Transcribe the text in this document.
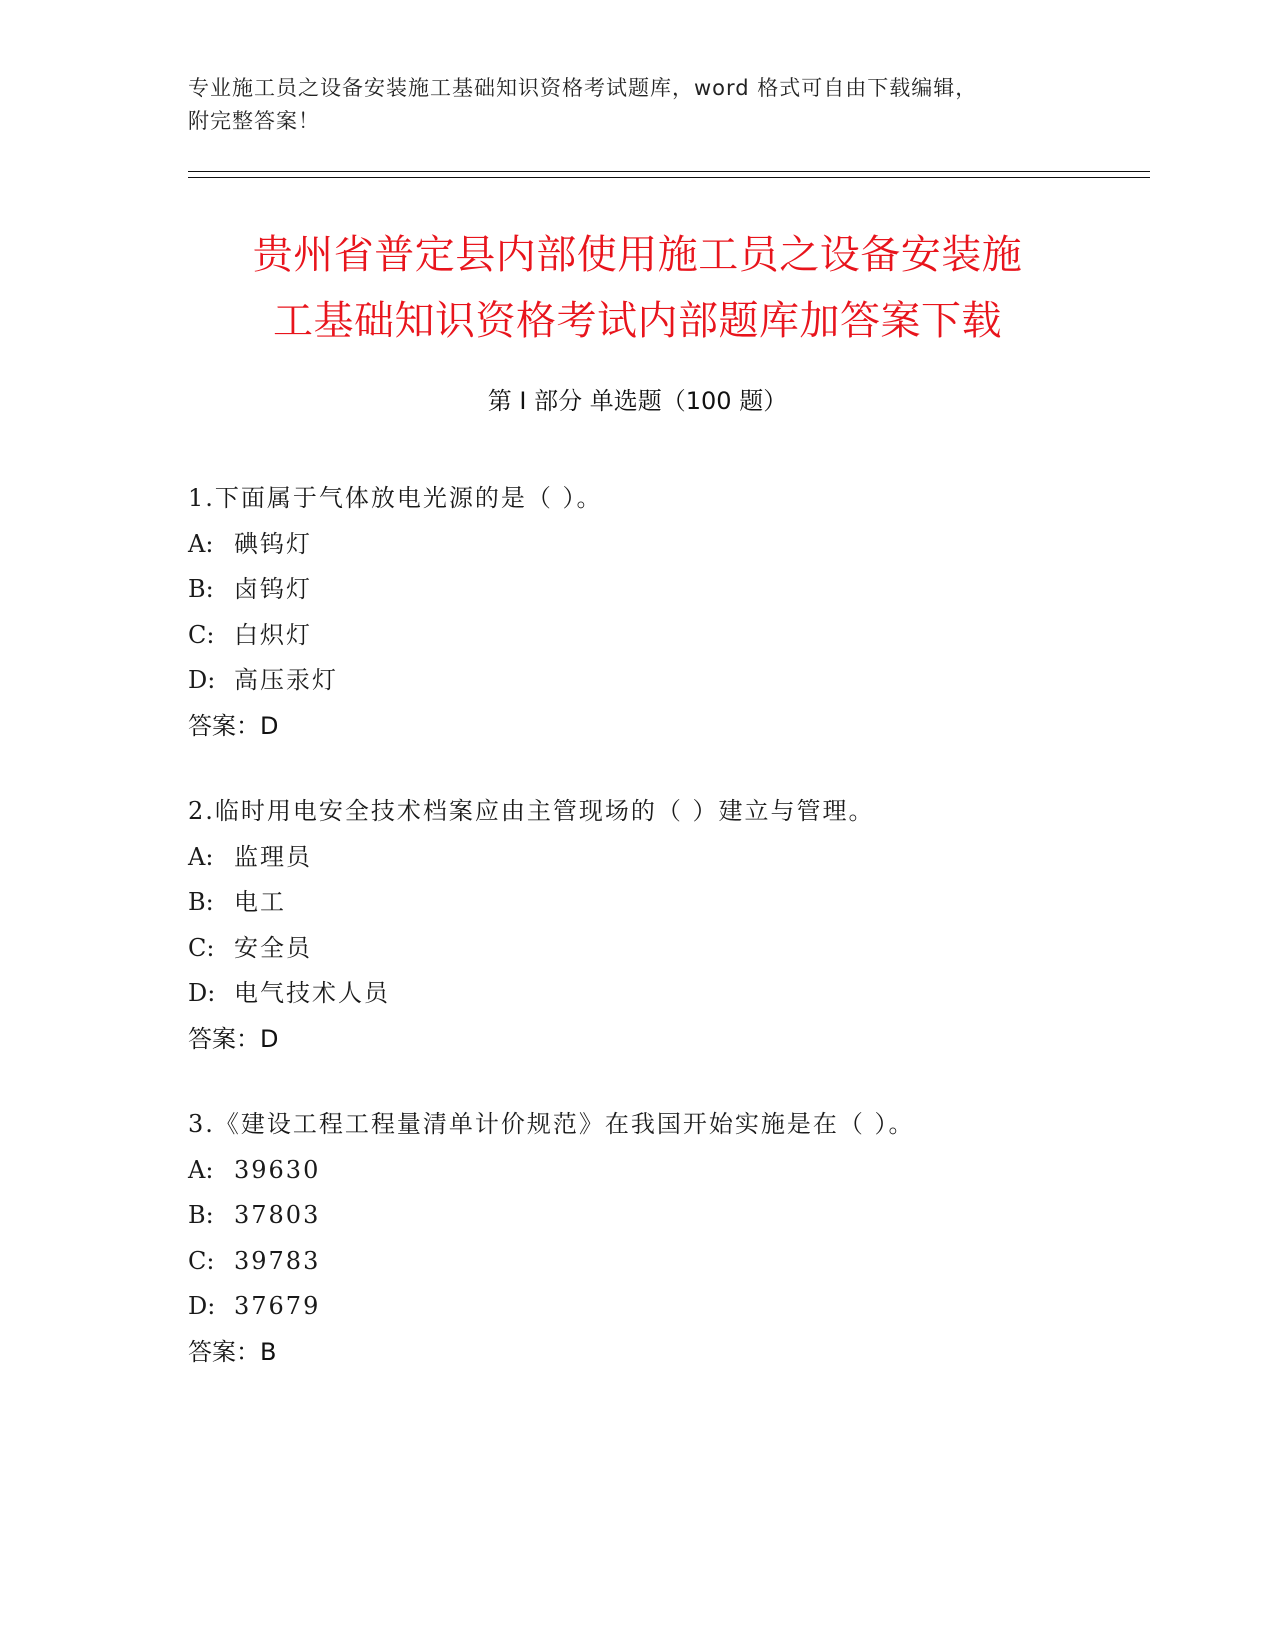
专业施工员之设备安装施工基础知识资格考试题库，word 格式可自由下载编辑，
附完整答案！
贵州省普定县内部使用施工员之设备安装施
工基础知识资格考试内部题库加答案下载
第 I 部分 单选题（100 题）
1.下面属于气体放电光源的是（ ）。
A: 碘钨灯
B: 卤钨灯
C: 白炽灯
D: 高压汞灯
答案：D
2.临时用电安全技术档案应由主管现场的（ ）建立与管理。
A: 监理员
B: 电工
C: 安全员
D: 电气技术人员
答案：D
3.《建设工程工程量清单计价规范》在我国开始实施是在（ ）。
A: 39630
B: 37803
C: 39783
D: 37679
答案：B
